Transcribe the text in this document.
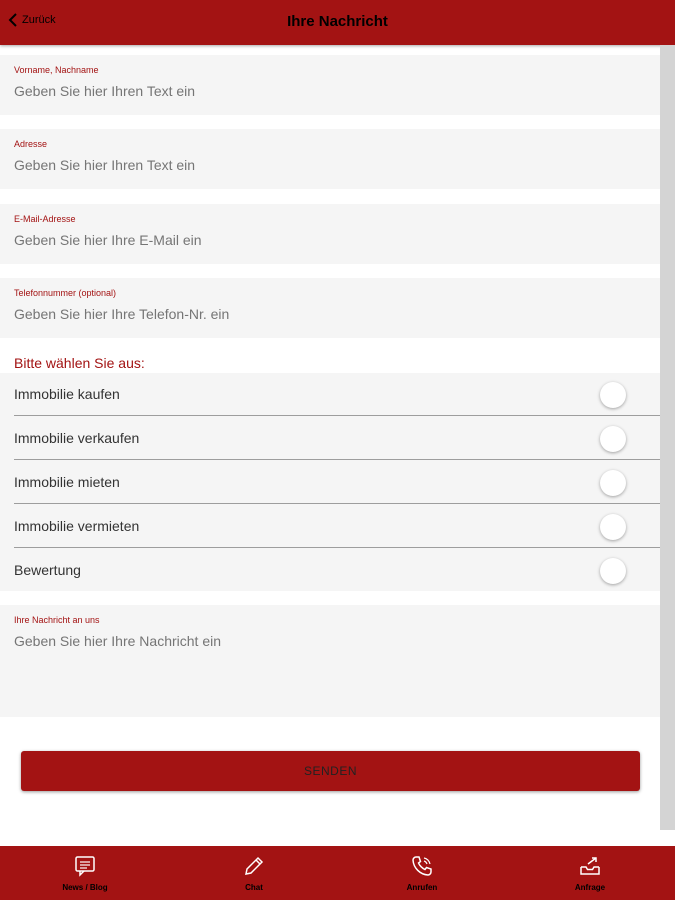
Zurück	Ihre Nachricht
Vorname, Nachname
Geben Sie hier Ihren Text ein
Adresse
Geben Sie hier Ihren Text ein
E-Mail-Adresse
Geben Sie hier Ihre E-Mail ein
Telefonnummer (optional)
Geben Sie hier Ihre Telefon-Nr. ein
Bitte wählen Sie aus:
Immobilie kaufen
Immobilie verkaufen
Immobilie mieten
Immobilie vermieten
Bewertung
Ihre Nachricht an uns
Geben Sie hier Ihre Nachricht ein
SENDEN
News / Blog	Chat	Anrufen	Anfrage
